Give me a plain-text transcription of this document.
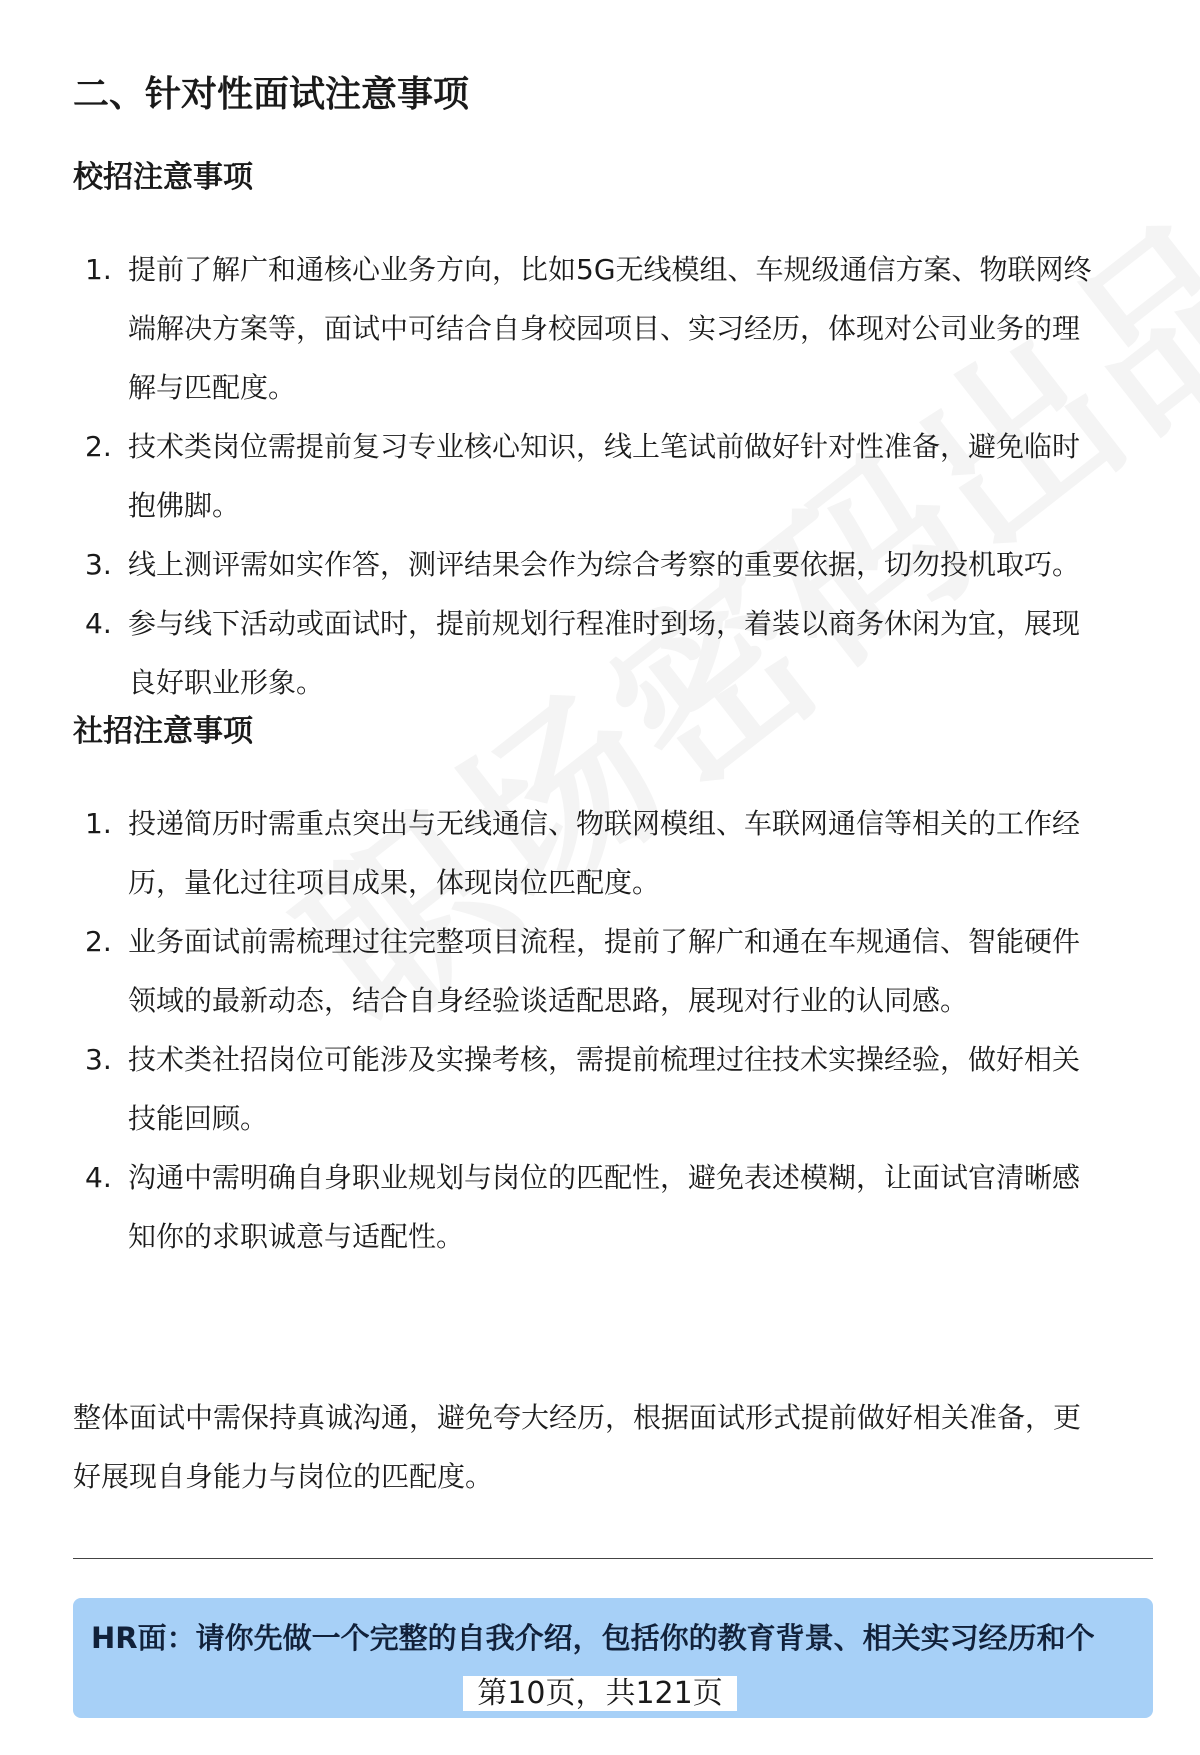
二、针对性面试注意事项
校招注意事项
1. 提前了解广和通核心业务方向，比如5G无线模组、车规级通信方案、物联网终
端解决方案等，面试中可结合自身校园项目、实习经历，体现对公司业务的理
解与匹配度。
2. 技术类岗位需提前复习专业核心知识，线上笔试前做好针对性准备，避免临时
抱佛脚。
3. 线上测评需如实作答，测评结果会作为综合考察的重要依据，切勿投机取巧。
4. 参与线下活动或面试时，提前规划行程准时到场，着装以商务休闲为宜，展现
良好职业形象。
社招注意事项
1. 投递简历时需重点突出与无线通信、物联网模组、车联网通信等相关的工作经
历，量化过往项目成果，体现岗位匹配度。
2. 业务面试前需梳理过往完整项目流程，提前了解广和通在车规通信、智能硬件
领域的最新动态，结合自身经验谈适配思路，展现对行业的认同感。
3. 技术类社招岗位可能涉及实操考核，需提前梳理过往技术实操经验，做好相关
技能回顾。
4. 沟通中需明确自身职业规划与岗位的匹配性，避免表述模糊，让面试官清晰感
知你的求职诚意与适配性。

整体面试中需保持真诚沟通，避免夸大经历，根据面试形式提前做好相关准备，更
好展现自身能力与岗位的匹配度。

HR面：请你先做一个完整的自我介绍，包括你的教育背景、相关实习经历和个
第10页，共121页
